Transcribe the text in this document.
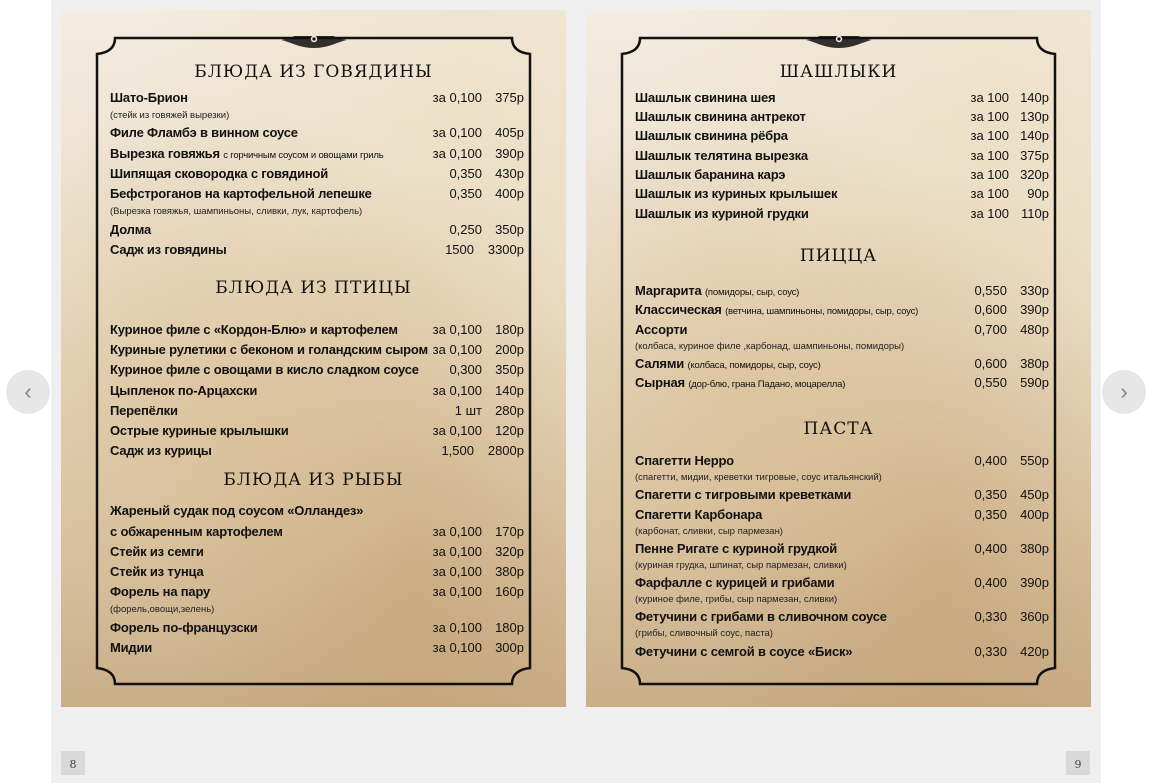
БЛЮДА ИЗ ГОВЯДИНЫ
Шато-Брион	за 0,100 375р
(стейк из говяжей вырезки)
Филе Фламбэ в винном соусе	за 0,100 405р
Вырезка говяжья с горчичным соусом и овощами гриль	за 0,100 390р
Шипящая сковородка с говядиной	0,350 430р
Бефстроганов на картофельной лепешке	0,350 400р
(Вырезка говяжья, шампиньоны, сливки, лук, картофель)
Долма	0,250 350р
Садж из говядины	1500 3300р
БЛЮДА ИЗ ПТИЦЫ
Куриное филе с «Кордон-Блю» и картофелем	за 0,100 180р
Куриные рулетики с беконом и голандским сыром за 0,100 200р
Куриное филе с овощами в кисло сладком соусе 0,300 350р
Цыпленок по-Арцахски	за 0,100 140р
Перепёлки	1 шт 280р
Острые куриные крылышки	за 0,100 120р
Садж из курицы	1,500 2800р
БЛЮДА ИЗ РЫБЫ
Жареный судак под соусом «Олландез»
с обжаренным картофелем	за 0,100 170р
Стейк из семги	за 0,100 320р
Стейк из тунца	за 0,100 380р
Форель на пару	за 0,100 160р
(форель,овощи,зелень)
Форель по-французски	за 0,100 180р
Мидии	за 0,100 300р
ШАШЛЫКИ
Шашлык свинина шея	за 100 140р
Шашлык свинина антрекот	за 100 130р
Шашлык свинина рёбра	за 100 140р
Шашлык телятина вырезка	за 100 375р
Шашлык баранина карэ	за 100 320р
Шашлык из куриных крылышек	за 100 90р
Шашлык из куриной грудки	за 100 110р
ПИЦЦА
Маргарита (помидоры, сыр, соус)	0,550 330р
Классическая (ветчина, шампиньоны, помидоры, сыр, соус)	0,600 390р
Ассорти	0,700 480р
(колбаса, куриное филе ,карбонад, шампиньоны, помидоры)
Салями (колбаса, помидоры, сыр, соус)	0,600 380р
Сырная (дор-блю, грана Падано, моцарелла)	0,550 590р
ПАСТА
Спагетти Нерро	0,400 550р
(спагетти, мидии, креветки тигровые, соус итальянский)
Спагетти с тигровыми креветками	0,350 450р
Спагетти Карбонара	0,350 400р
(карбонат, сливки, сыр пармезан)
Пенне Ригате с куриной грудкой	0,400 380р
(куриная грудка, шпинат, сыр пармезан, сливки)
Фарфалле с курицей и грибами	0,400 390р
(куриное филе, грибы, сыр пармезан, сливки)
Фетучини с грибами в сливочном соусе	0,330 360р
(грибы, сливочный соус, паста)
Фетучини с семгой в соусе «Биск»	0,330 420р
‹	›
8	9
